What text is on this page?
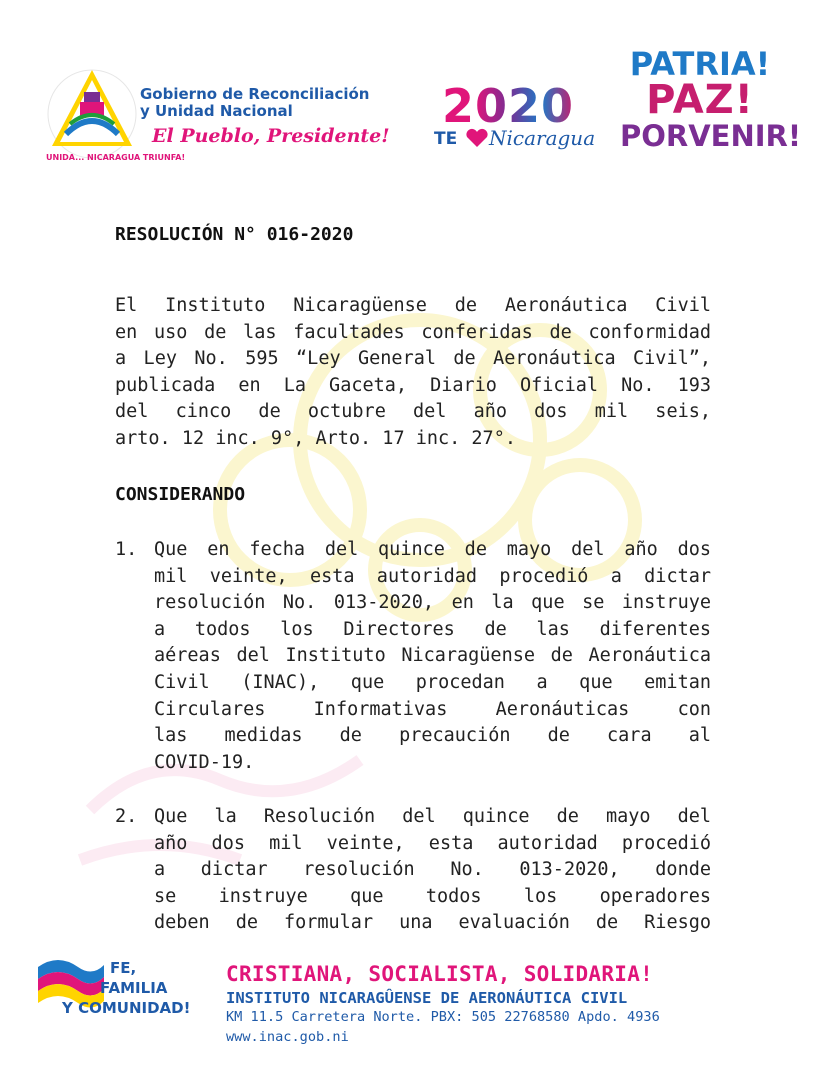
UNIDA... NICARAGUA TRIUNFA!
Gobierno de Reconciliación
y Unidad Nacional
El Pueblo, Presidente!
2020
TE Nicaragua
PATRIA!
PAZ!
PORVENIR!
RESOLUCIÓN N° 016-2020
El Instituto Nicaragüense de Aeronáutica Civil
en uso de las facultades conferidas de conformidad
a Ley No. 595 “Ley General de Aeronáutica Civil”,
publicada en La Gaceta, Diario Oficial No. 193
del cinco de octubre del año dos mil seis,
arto. 12 inc. 9°, Arto. 17 inc. 27°.
CONSIDERANDO
1. Que en fecha del quince de mayo del año dos
mil veinte, esta autoridad procedió a dictar
resolución No. 013-2020, en la que se instruye
a todos los Directores de las diferentes
aéreas del Instituto Nicaragüense de Aeronáutica
Civil (INAC), que procedan a que emitan
Circulares Informativas Aeronáuticas con
las medidas de precaución de cara al
COVID-19.
2. Que la Resolución del quince de mayo del
año dos mil veinte, esta autoridad procedió
a dictar resolución No. 013-2020, donde
se instruye que todos los operadores
deben de formular una evaluación de Riesgo
FE,
FAMILIA
Y COMUNIDAD!
CRISTIANA, SOCIALISTA, SOLIDARIA!
INSTITUTO NICARAGÛENSE DE AERONÁUTICA CIVIL
KM 11.5 Carretera Norte. PBX: 505 22768580 Apdo. 4936
www.inac.gob.ni
